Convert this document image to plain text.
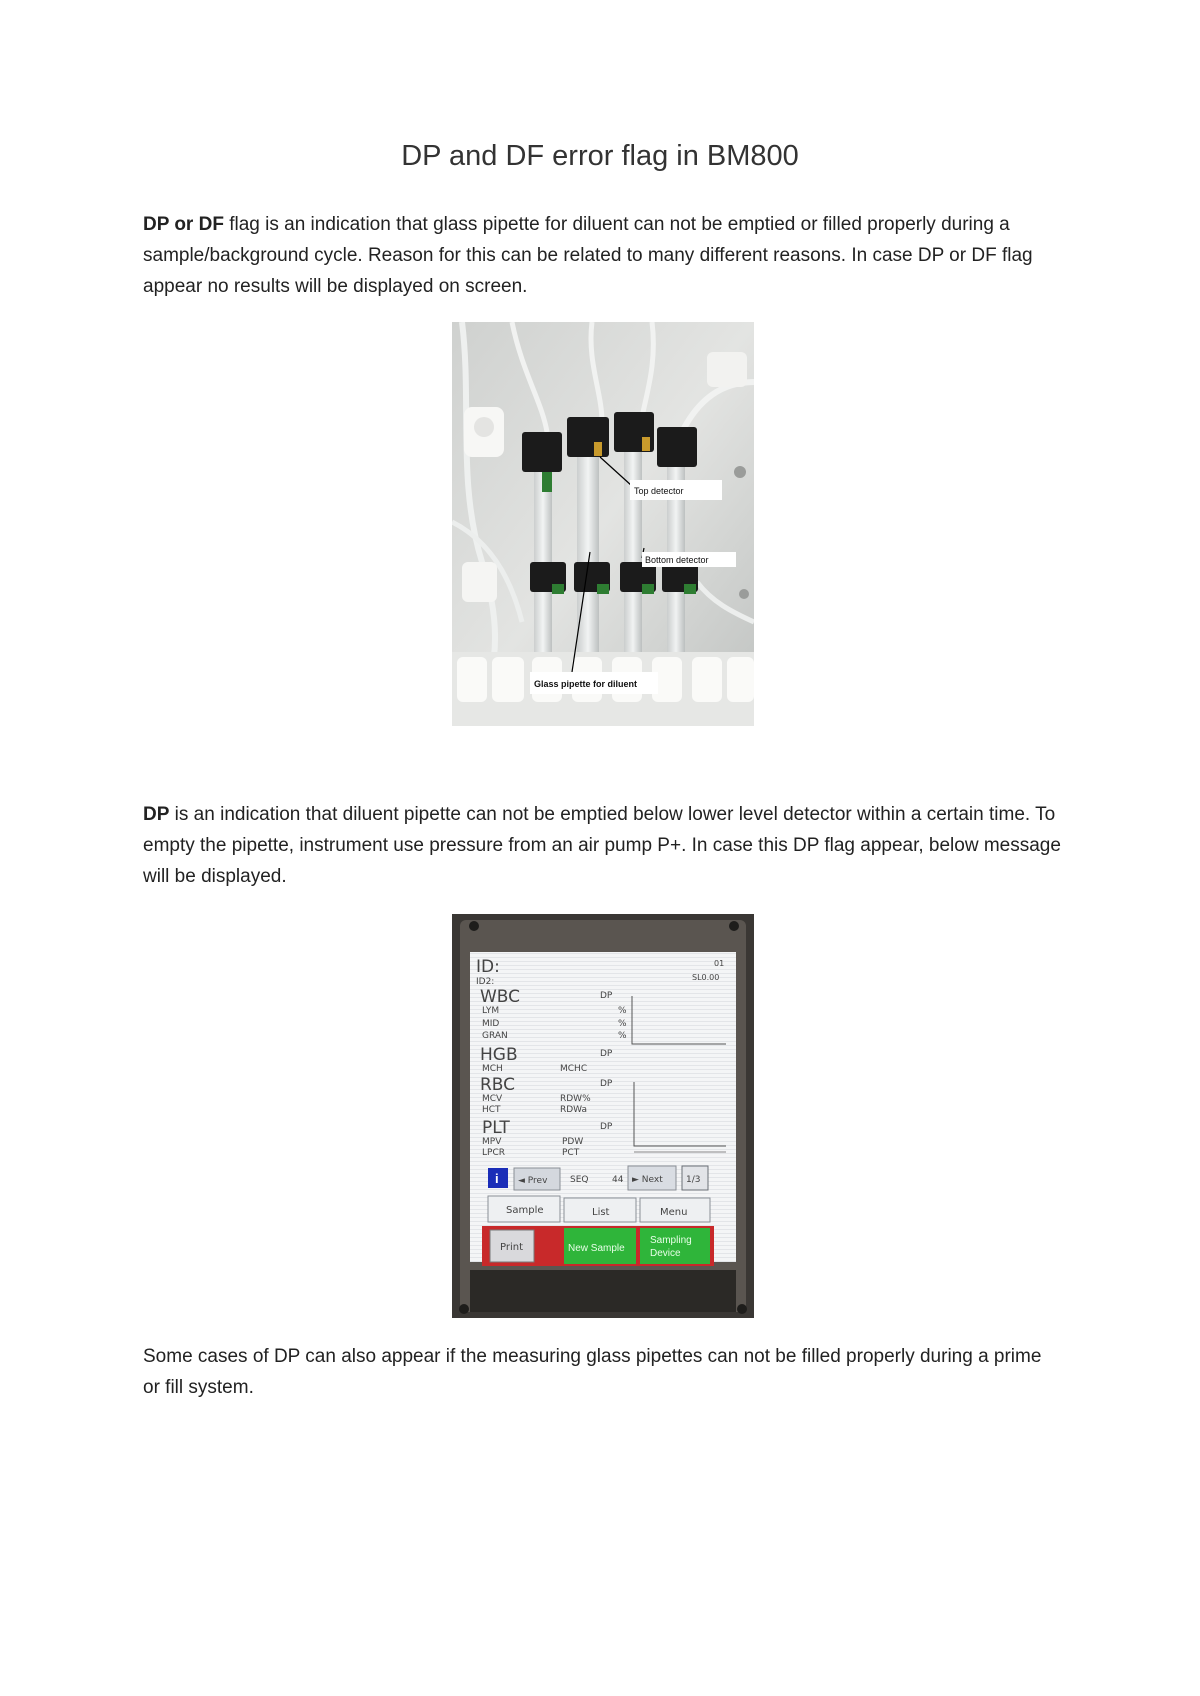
DP and DF error flag in BM800

DP or DF flag is an indication that glass pipette for diluent can not be emptied or filled properly during a sample/background cycle. Reason for this can be related to many different reasons. In case DP or DF flag appear no results will be displayed on screen.

Top detector
Bottom detector
Glass pipette for diluent

DP is an indication that diluent pipette can not be emptied below lower level detector within a certain time. To empty the pipette, instrument use pressure from an air pump P+. In case this DP flag appear, below message will be displayed.

ID:
ID2:
01
SL0.00
WBC	DP
LYM	%
MID	%
GRAN	%
HGB	DP
MCH	MCHC
RBC	DP
MCV	RDW%
HCT	RDWa
PLT	DP
MPV	PDW
LPCR	PCT
i ◄ Prev	SEQ	44 ► Next	1/3
Sample	List	Menu
Print	New Sample
Sampling
Device

Some cases of DP can also appear if the measuring glass pipettes can not be filled properly during a prime or fill system.
